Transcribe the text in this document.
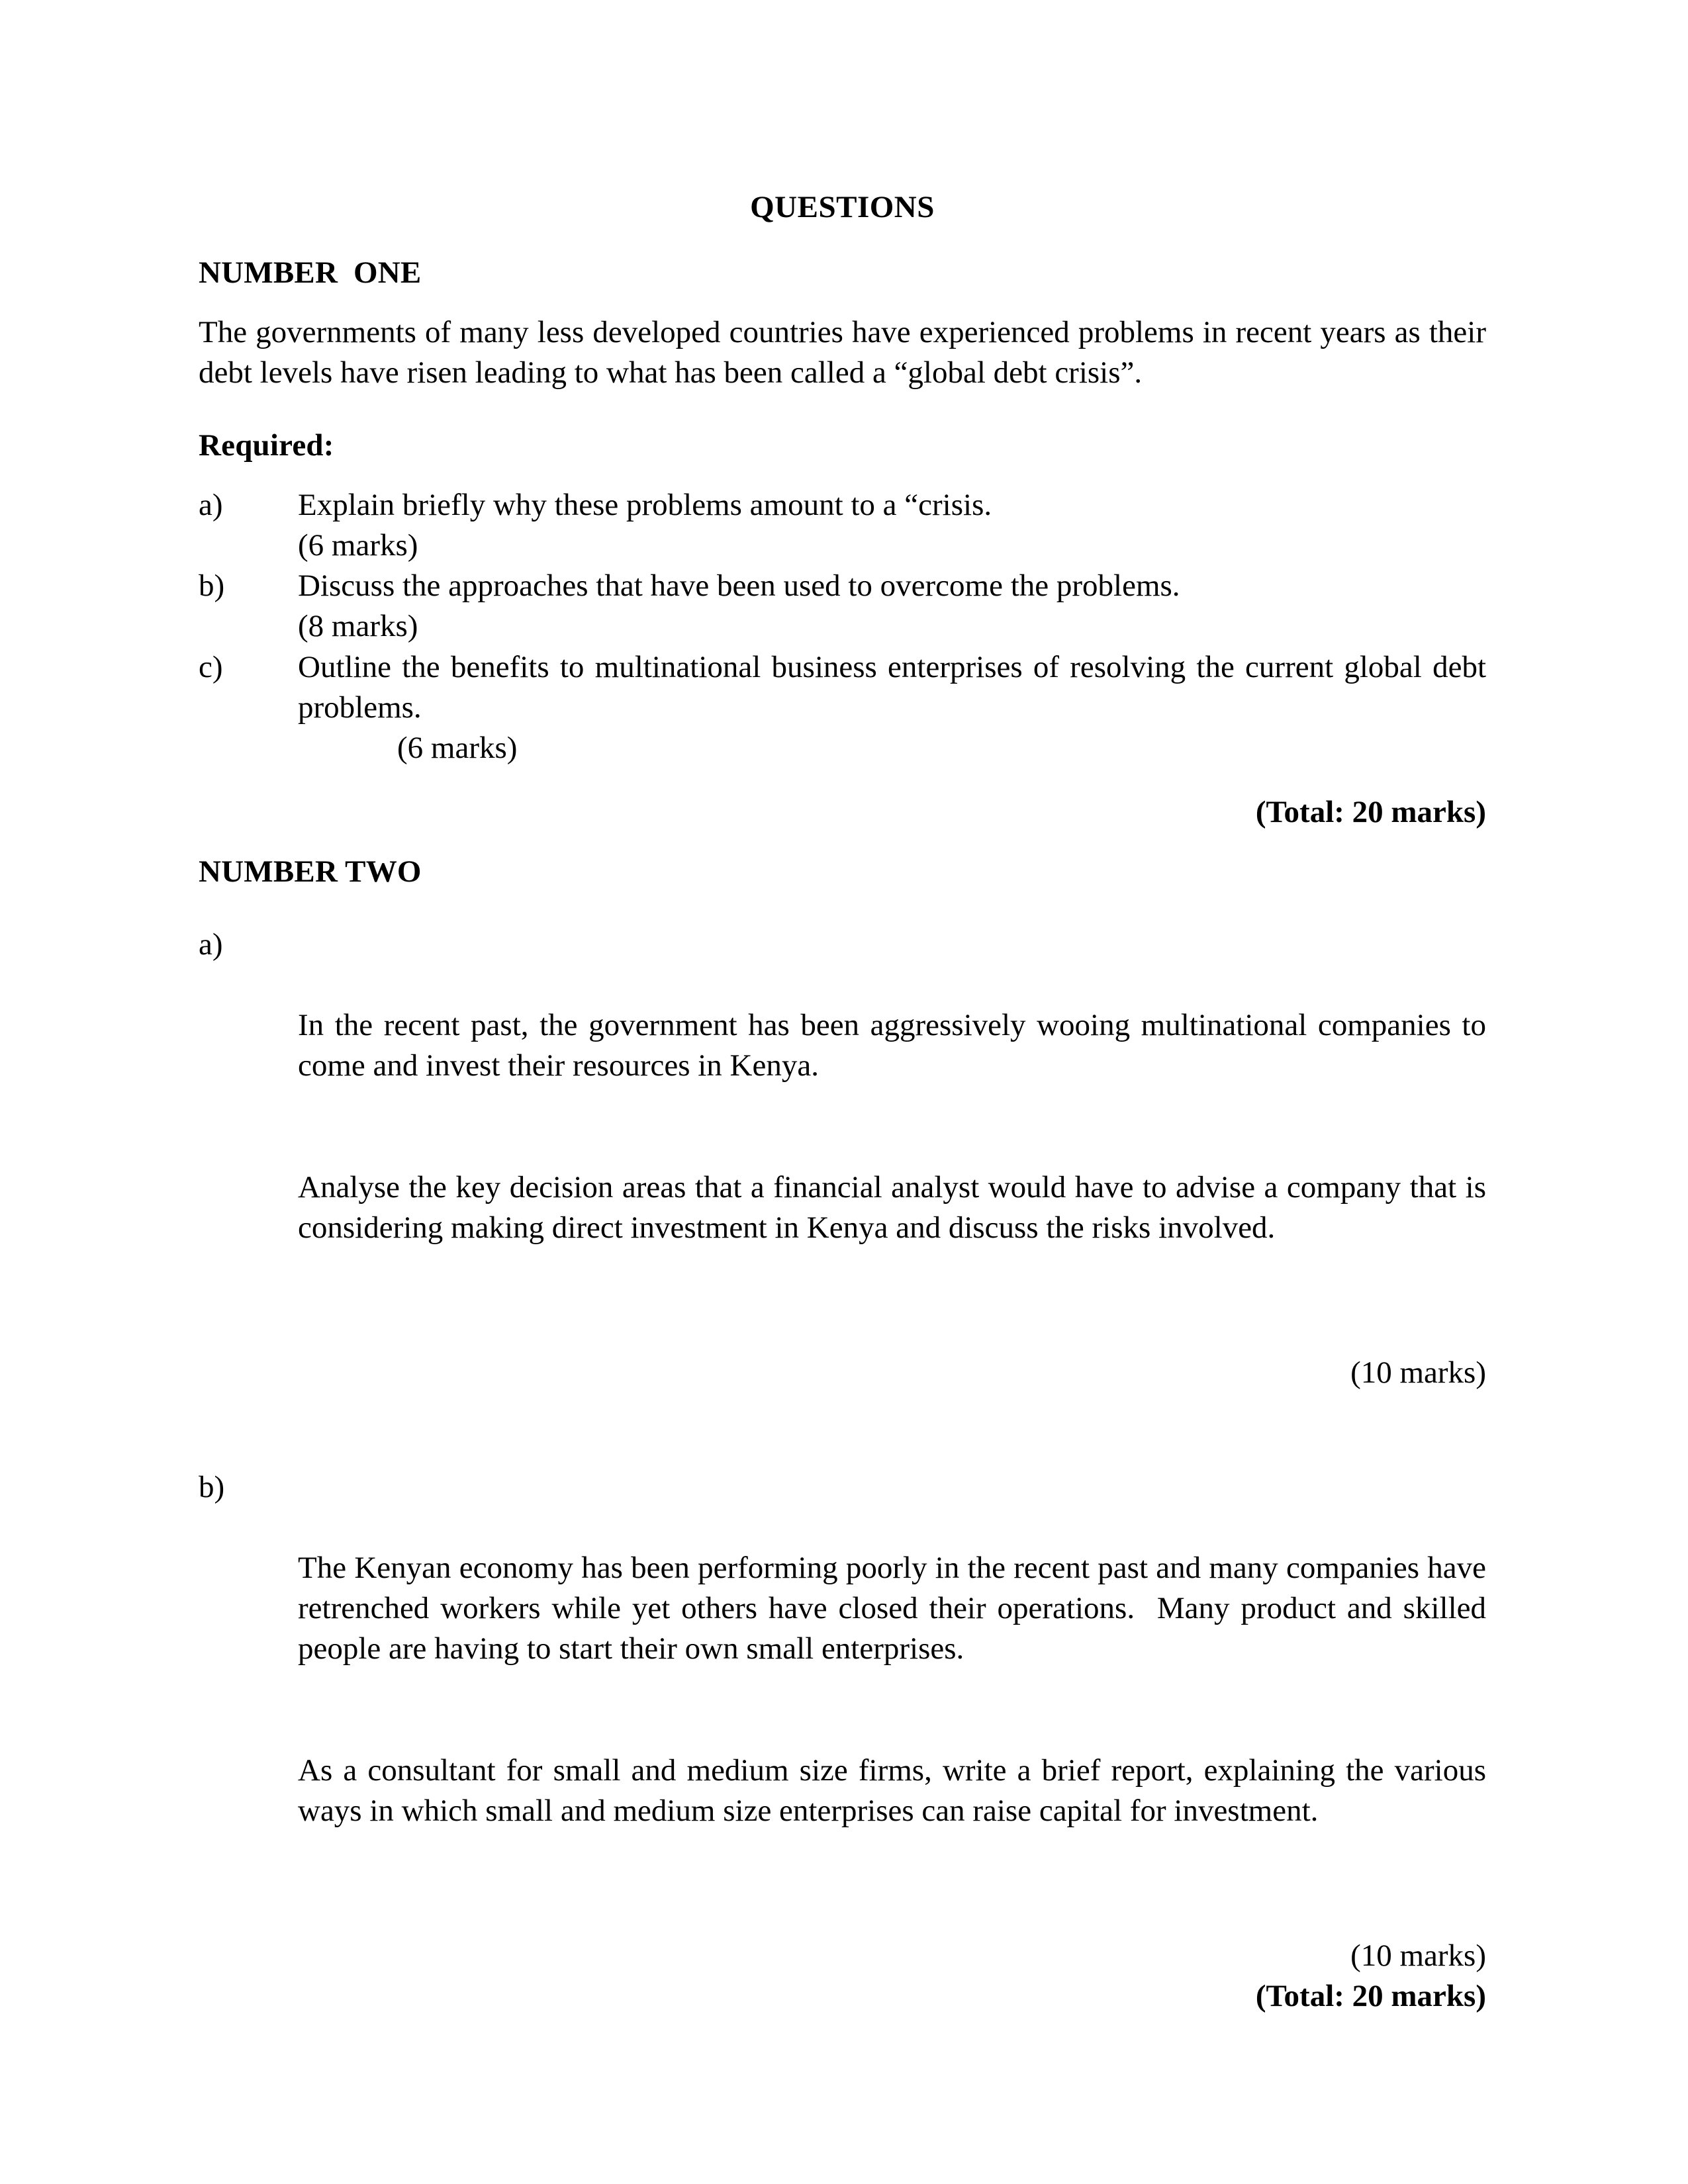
QUESTIONS
NUMBER  ONE
The governments of many less developed countries have experienced problems in recent years as their debt levels have risen leading to what has been called a “global debt crisis”.
Required:
a)	Explain briefly why these problems amount to a “crisis.
(6 marks)
b)	Discuss the approaches that have been used to overcome the problems.
(8 marks)
c)	Outline the benefits to multinational business enterprises of resolving the current global debt problems.
(6 marks)
(Total: 20 marks)
NUMBER TWO
a)

In the recent past, the government has been aggressively wooing multinational companies to come and invest their resources in Kenya.

Analyse the key decision areas that a financial analyst would have to advise a company that is considering making direct investment in Kenya and discuss the risks involved.

(10 marks)
b)

The Kenyan economy has been performing poorly in the recent past and many companies have retrenched workers while yet others have closed their operations.  Many product and skilled people are having to start their own small enterprises.

As a consultant for small and medium size firms, write a brief report, explaining the various ways in which small and medium size enterprises can raise capital for investment.

(10 marks)
(Total: 20 marks)
